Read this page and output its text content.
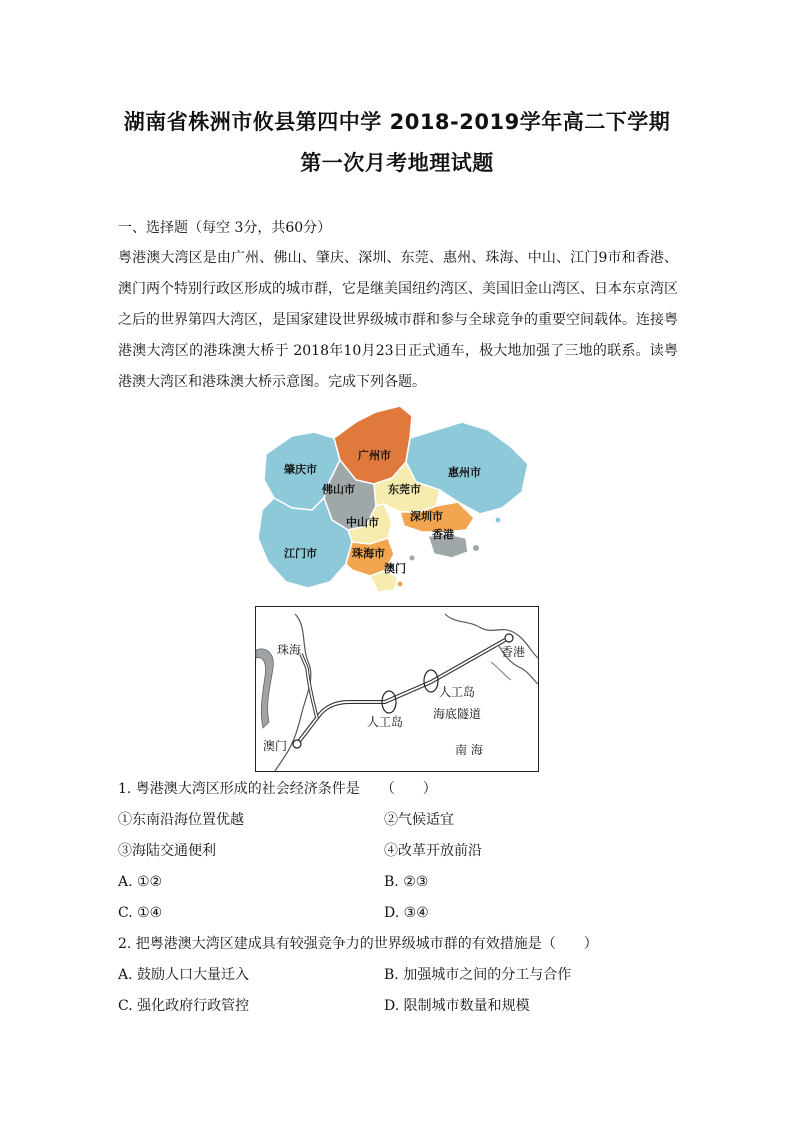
湖南省株洲市攸县第四中学 2018-2019学年高二下学期
第一次月考地理试题
一、选择题（每空 3分，共60分）
粤港澳大湾区是由广州、佛山、肇庆、深圳、东莞、惠州、珠海、中山、江门9市和香港、澳门两个特别行政区形成的城市群，它是继美国纽约湾区、美国旧金山湾区、日本东京湾区之后的世界第四大湾区，是国家建设世界级城市群和参与全球竞争的重要空间载体。连接粤港澳大湾区的港珠澳大桥于 2018年10月23日正式通车，极大地加强了三地的联系。读粤港澳大湾区和港珠澳大桥示意图。完成下列各题。
肇庆市
广州市
惠州市
佛山市	东莞市
深圳市
中山市
香港
江门市	珠海市
澳门
珠海	香港
人工岛
人工岛
海底隧道
澳门	南 海
1. 粤港澳大湾区形成的社会经济条件是　　（　　）
①东南沿海位置优越	②气候适宜
③海陆交通便利	④改革开放前沿
A. ①②	B. ②③
C. ①④	D. ③④
2. 把粤港澳大湾区建成具有较强竞争力的世界级城市群的有效措施是（　　）
A. 鼓励人口大量迁入	B. 加强城市之间的分工与合作
C. 强化政府行政管控	D. 限制城市数量和规模
